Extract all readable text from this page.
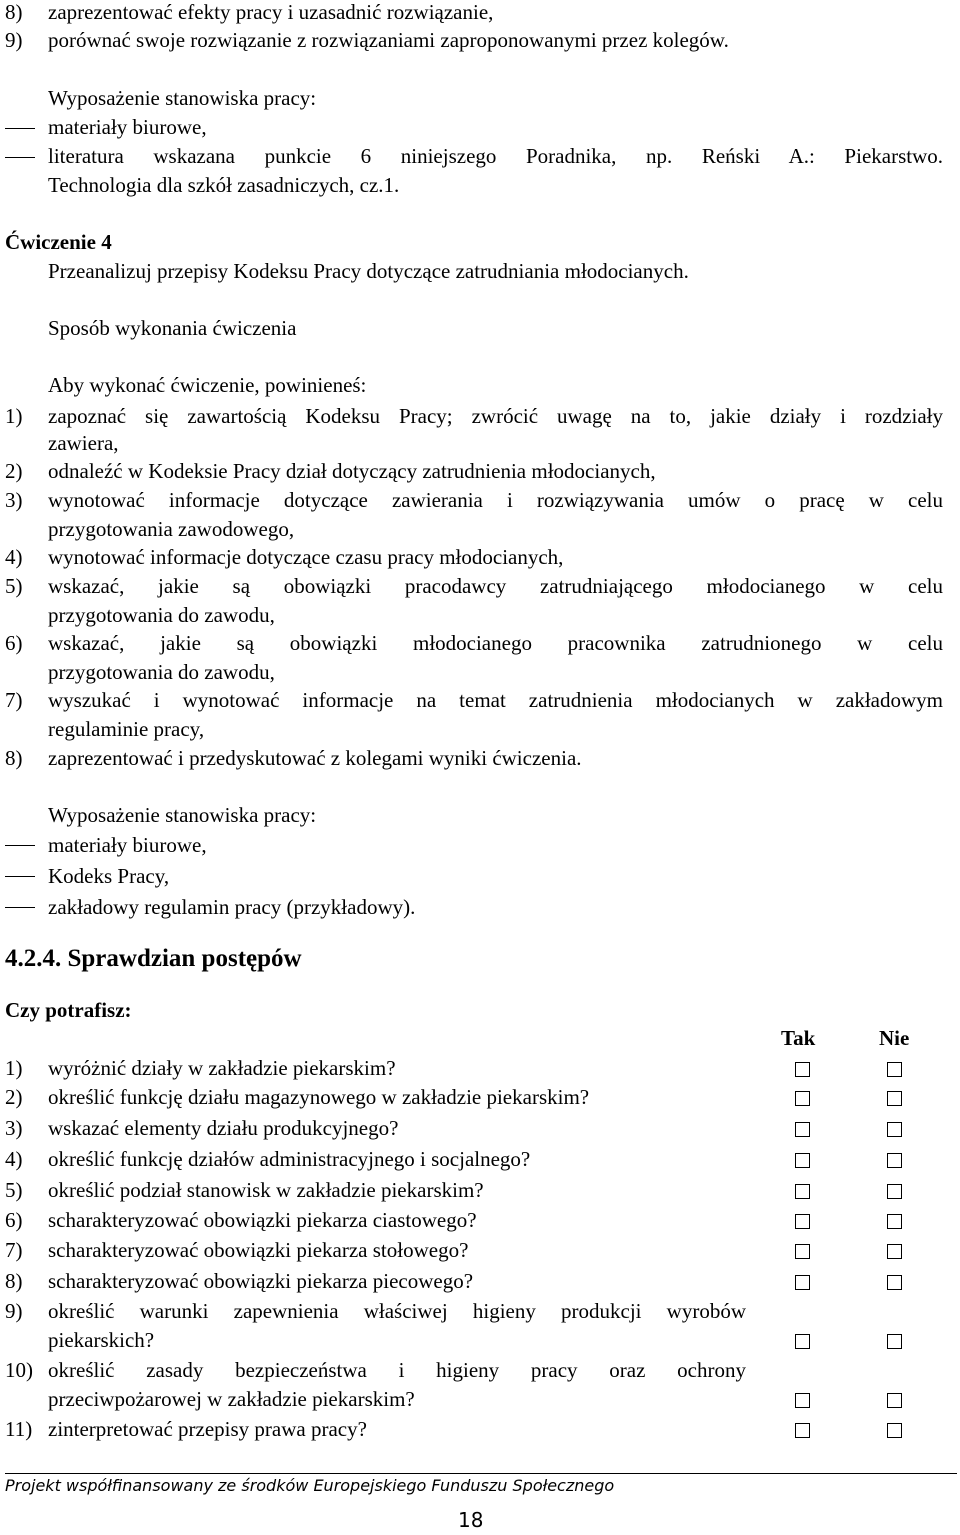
8) zaprezentować efekty pracy i uzasadnić rozwiązanie,
9) porównać swoje rozwiązanie z rozwiązaniami zaproponowanymi przez kolegów.
Wyposażenie stanowiska pracy:
materiały biurowe,
literatura wskazana punkcie 6 niniejszego Poradnika, np. Reński A.: Piekarstwo.
Technologia dla szkół zasadniczych, cz.1.
Ćwiczenie 4
Przeanalizuj przepisy Kodeksu Pracy dotyczące zatrudniania młodocianych.
Sposób wykonania ćwiczenia
Aby wykonać ćwiczenie, powinieneś:
1) zapoznać się zawartością Kodeksu Pracy; zwrócić uwagę na to, jakie działy i rozdziały
zawiera,
2) odnaleźć w Kodeksie Pracy dział dotyczący zatrudnienia młodocianych,
3) wynotować informacje dotyczące zawierania i rozwiązywania umów o pracę w celu
przygotowania zawodowego,
4) wynotować informacje dotyczące czasu pracy młodocianych,
5) wskazać, jakie są obowiązki pracodawcy zatrudniającego młodocianego w celu
przygotowania do zawodu,
6) wskazać, jakie są obowiązki młodocianego pracownika zatrudnionego w celu
przygotowania do zawodu,
7) wyszukać i wynotować informacje na temat zatrudnienia młodocianych w zakładowym
regulaminie pracy,
8) zaprezentować i przedyskutować z kolegami wyniki ćwiczenia.
Wyposażenie stanowiska pracy:
materiały biurowe,
Kodeks Pracy,
zakładowy regulamin pracy (przykładowy).
4.2.4. Sprawdzian postępów
Czy potrafisz:
Tak	Nie
1) wyróżnić działy w zakładzie piekarskim?
2) określić funkcję działu magazynowego w zakładzie piekarskim?
3) wskazać elementy działu produkcyjnego?
4) określić funkcję działów administracyjnego i socjalnego?
5) określić podział stanowisk w zakładzie piekarskim?
6) scharakteryzować obowiązki piekarza ciastowego?
7) scharakteryzować obowiązki piekarza stołowego?
8) scharakteryzować obowiązki piekarza piecowego?
9) określić warunki zapewnienia właściwej higieny produkcji wyrobów
piekarskich?
10) określić zasady bezpieczeństwa i higieny pracy oraz ochrony
przeciwpożarowej w zakładzie piekarskim?
11) zinterpretować przepisy prawa pracy?
Projekt współfinansowany ze środków Europejskiego Funduszu Społecznego
18
